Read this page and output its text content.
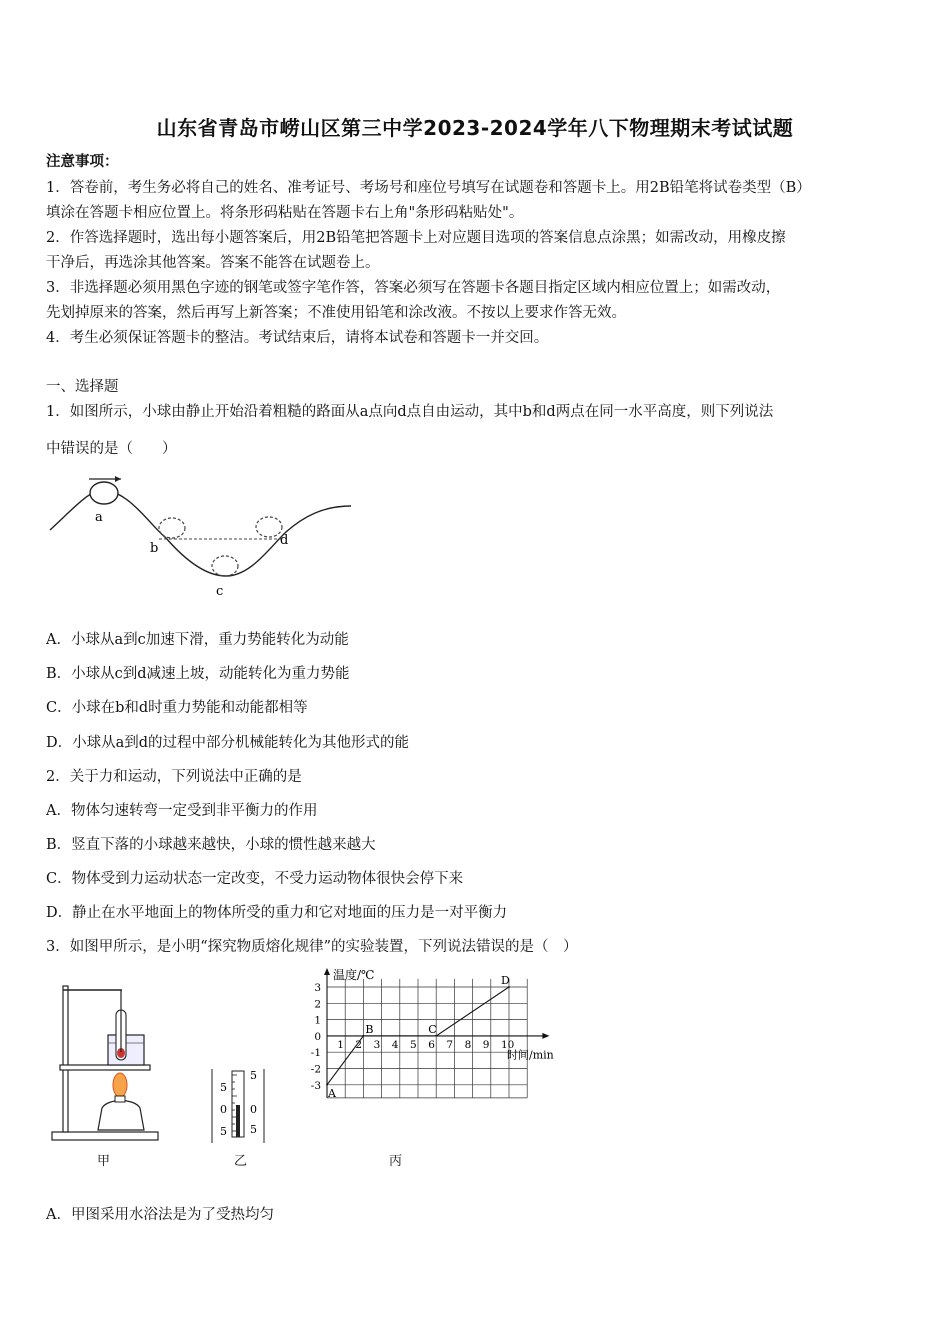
山东省青岛市崂山区第三中学2023-2024学年八下物理期末考试试题
注意事项：
1．答卷前，考生务必将自己的姓名、准考证号、考场号和座位号填写在试题卷和答题卡上。用2B铅笔将试卷类型（B）
填涂在答题卡相应位置上。将条形码粘贴在答题卡右上角"条形码粘贴处"。
2．作答选择题时，选出每小题答案后，用2B铅笔把答题卡上对应题目选项的答案信息点涂黑；如需改动，用橡皮擦
干净后，再选涂其他答案。答案不能答在试题卷上。
3．非选择题必须用黑色字迹的钢笔或签字笔作答，答案必须写在答题卡各题目指定区域内相应位置上；如需改动，
先划掉原来的答案，然后再写上新答案；不准使用铅笔和涂改液。不按以上要求作答无效。
4．考生必须保证答题卡的整洁。考试结束后，请将本试卷和答题卡一并交回。
一、选择题
1．如图所示，小球由静止开始沿着粗糙的路面从a点向d点自由运动，其中b和d两点在同一水平高度，则下列说法
中错误的是（　　）
a
b
c
d
A．小球从a到c加速下滑，重力势能转化为动能
B．小球从c到d减速上坡，动能转化为重力势能
C．小球在b和d时重力势能和动能都相等
D．小球从a到d的过程中部分机械能转化为其他形式的能
2．关于力和运动，下列说法中正确的是
A．物体匀速转弯一定受到非平衡力的作用
B．竖直下落的小球越来越快，小球的惯性越来越大
C．物体受到力运动状态一定改变，不受力运动物体很快会停下来
D．静止在水平地面上的物体所受的重力和它对地面的压力是一对平衡力
3．如图甲所示，是小明“探究物质熔化规律”的实验装置，下列说法错误的是（　）
甲
5
0
5
5
0
5
乙
温度/℃
时间/min
1 2 3 4 5 6 7 8 9 10
3
2
1
0
-1
-2
-3
A
B	C
D
丙
A．甲图采用水浴法是为了受热均匀
